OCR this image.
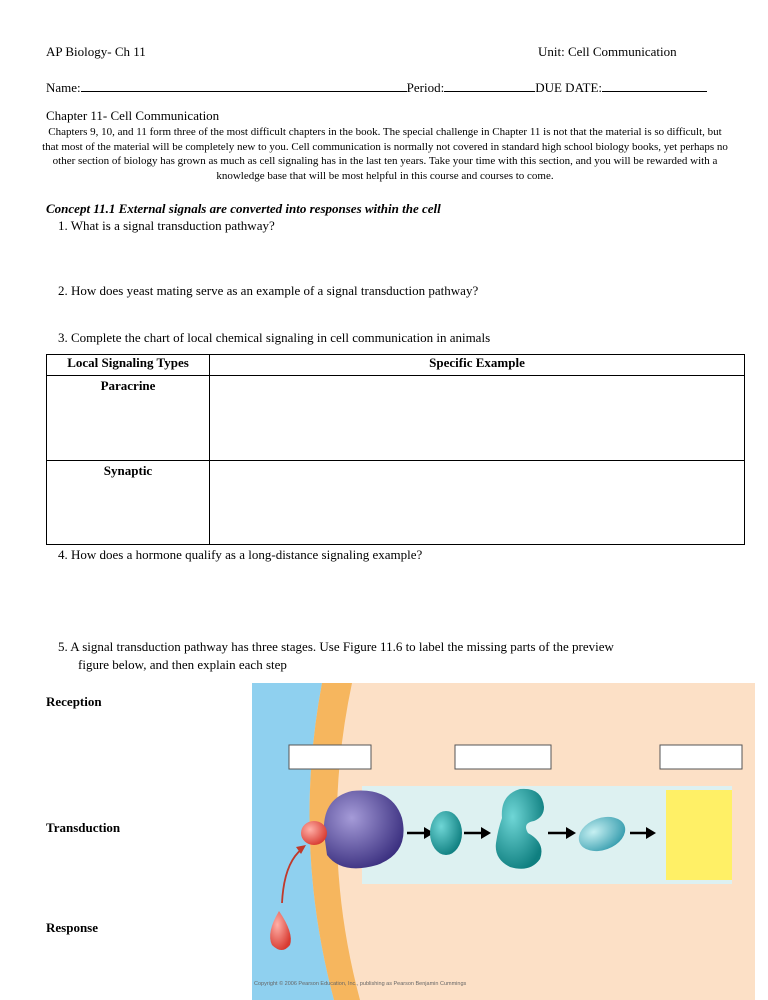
AP Biology- Ch 11	Unit: Cell Communication
Name:	Period:	DUE DATE:
Chapter 11- Cell Communication
Chapters 9, 10, and 11 form three of the most difficult chapters in the book. The special challenge in Chapter 11 is not that the material is so difficult, but that most of the material will be completely new to you. Cell communication is normally not covered in standard high school biology books, yet perhaps no other section of biology has grown as much as cell signaling has in the last ten years. Take your time with this section, and you will be rewarded with a knowledge base that will be most helpful in this course and courses to come.
Concept 11.1 External signals are converted into responses within the cell
1. What is a signal transduction pathway?
2. How does yeast mating serve as an example of a signal transduction pathway?
3. Complete the chart of local chemical signaling in cell communication in animals
Local Signaling Types	Specific Example
Paracrine	
Synaptic	
4. How does a hormone qualify as a long-distance signaling example?
5. A signal transduction pathway has three stages. Use Figure 11.6 to label the missing parts of the preview
figure below, and then explain each step
Reception
Transduction
Response
Copyright © 2006 Pearson Education, Inc., publishing as Pearson Benjamin Cummings
